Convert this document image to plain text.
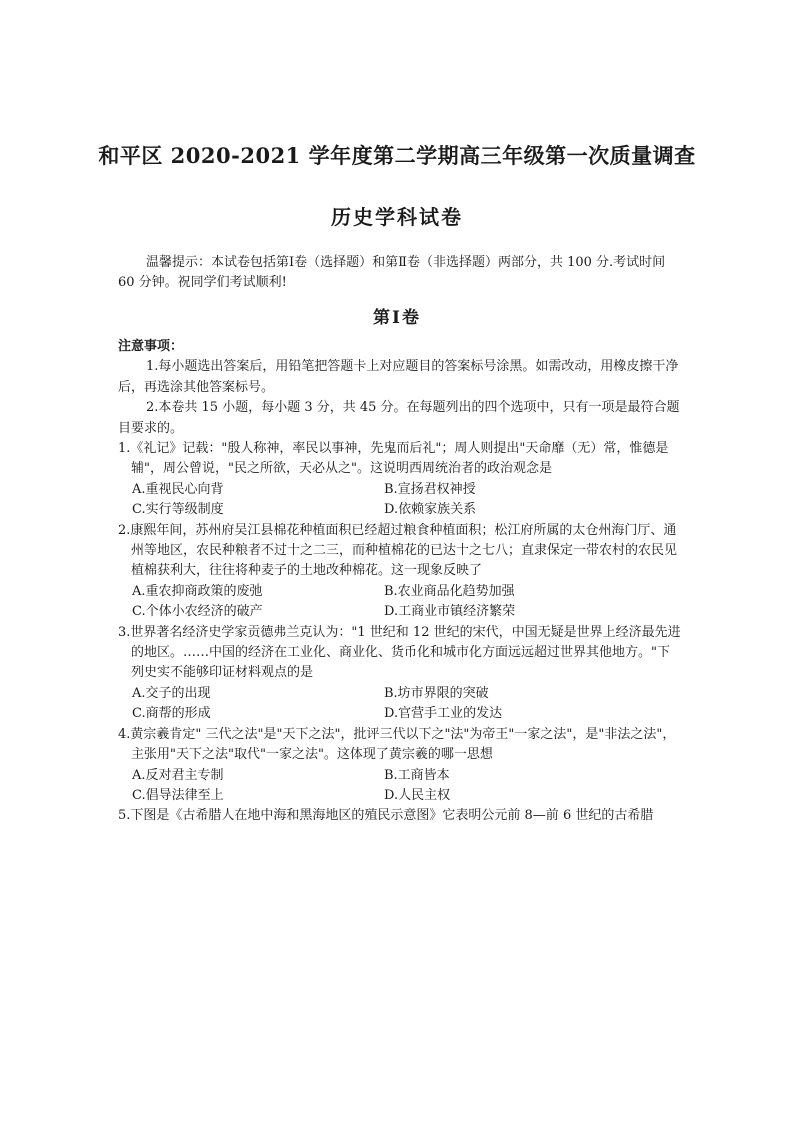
和平区 2020-2021 学年度第二学期高三年级第一次质量调查
历史学科试卷
温馨提示：本试卷包括第Ⅰ卷（选择题）和第Ⅱ卷（非选择题）两部分，共 100 分.考试时间 60 分钟。祝同学们考试顺利!
第Ⅰ卷
注意事项：
1.每小题选出答案后，用铅笔把答题卡上对应题目的答案标号涂黑。如需改动，用橡皮擦干净后，再选涂其他答案标号。
2.本卷共 15 小题，每小题 3 分，共 45 分。在每题列出的四个选项中，只有一项是最符合题目要求的。
1.《礼记》记载："殷人称神，率民以事神，先鬼而后礼"；周人则提出"天命靡（无）常，惟德是辅"，周公曾说，"民之所欲，天必从之"。这说明西周统治者的政治观念是
A.重视民心向背	B.宣扬君权神授
C.实行等级制度	D.依赖家族关系
2.康熙年间，苏州府吴江县棉花种植面积已经超过粮食种植面积；松江府所属的太仓州海门厅、通州等地区，农民种粮者不过十之二三，而种植棉花的已达十之七八；直隶保定一带农村的农民见植棉获利大，往往将种麦子的土地改种棉花。这一现象反映了
A.重农抑商政策的废弛	B.农业商品化趋势加强
C.个体小农经济的破产	D.工商业市镇经济繁荣
3.世界著名经济史学家贡德弗兰克认为："1 世纪和 12 世纪的宋代，中国无疑是世界上经济最先进的地区。……中国的经济在工业化、商业化、货币化和城市化方面远远超过世界其他地方。"下列史实不能够印证材料观点的是
A.交子的出现	B.坊市界限的突破
C.商帮的形成	D.官营手工业的发达
4.黄宗羲肯定" 三代之法"是"天下之法"，批评三代以下之"法"为帝王"一家之法"，是"非法之法"，主张用"天下之法"取代"一家之法"。这体现了黄宗羲的哪一思想
A.反对君主专制	B.工商皆本
C.倡导法律至上	D.人民主权
5.下图是《古希腊人在地中海和黑海地区的殖民示意图》它表明公元前 8—前 6 世纪的古希腊
